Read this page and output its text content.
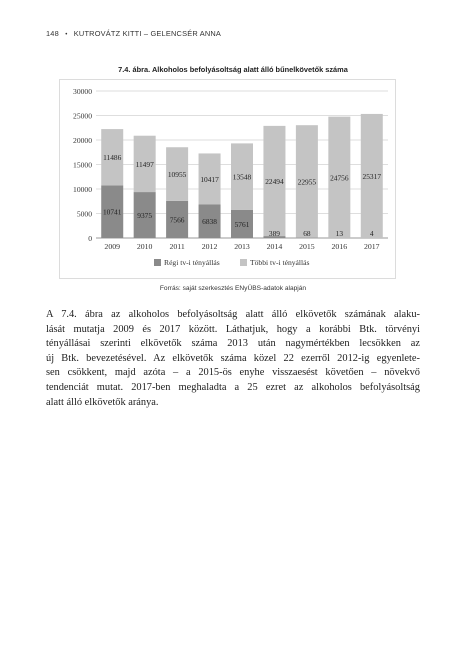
148 • KUTROVÁTZ KITTI – GELENCSÉR ANNA
7.4. ábra. Alkoholos befolyásoltság alatt álló bűnelkövetők száma
0
5000
10000
15000
20000
25000
30000
10741
11486
2009
9375
11497
2010
7566
10955
2011
6838
10417
2012
5761
13548
2013
389
22494
2014
68
22955
2015
13
24756
2016
4
25317
2017
Régi tv-i tényállás	Többi tv-i tényállás
Forrás: saját szerkesztés ENyÜBS-adatok alapján
A 7.4. ábra az alkoholos befolyásoltság alatt álló elkövetők számának alaku-
lását mutatja 2009 és 2017 között. Láthatjuk, hogy a korábbi Btk. törvényi
tényállásai szerinti elkövetők száma 2013 után nagymértékben lecsökken az
új Btk. bevezetésével. Az elkövetők száma közel 22 ezerről 2012-ig egyenlete-
sen csökkent, majd azóta – a 2015-ös enyhe visszaesést követően – növekvő
tendenciát mutat. 2017-ben meghaladta a 25 ezret az alkoholos befolyásoltság
alatt álló elkövetők aránya.
